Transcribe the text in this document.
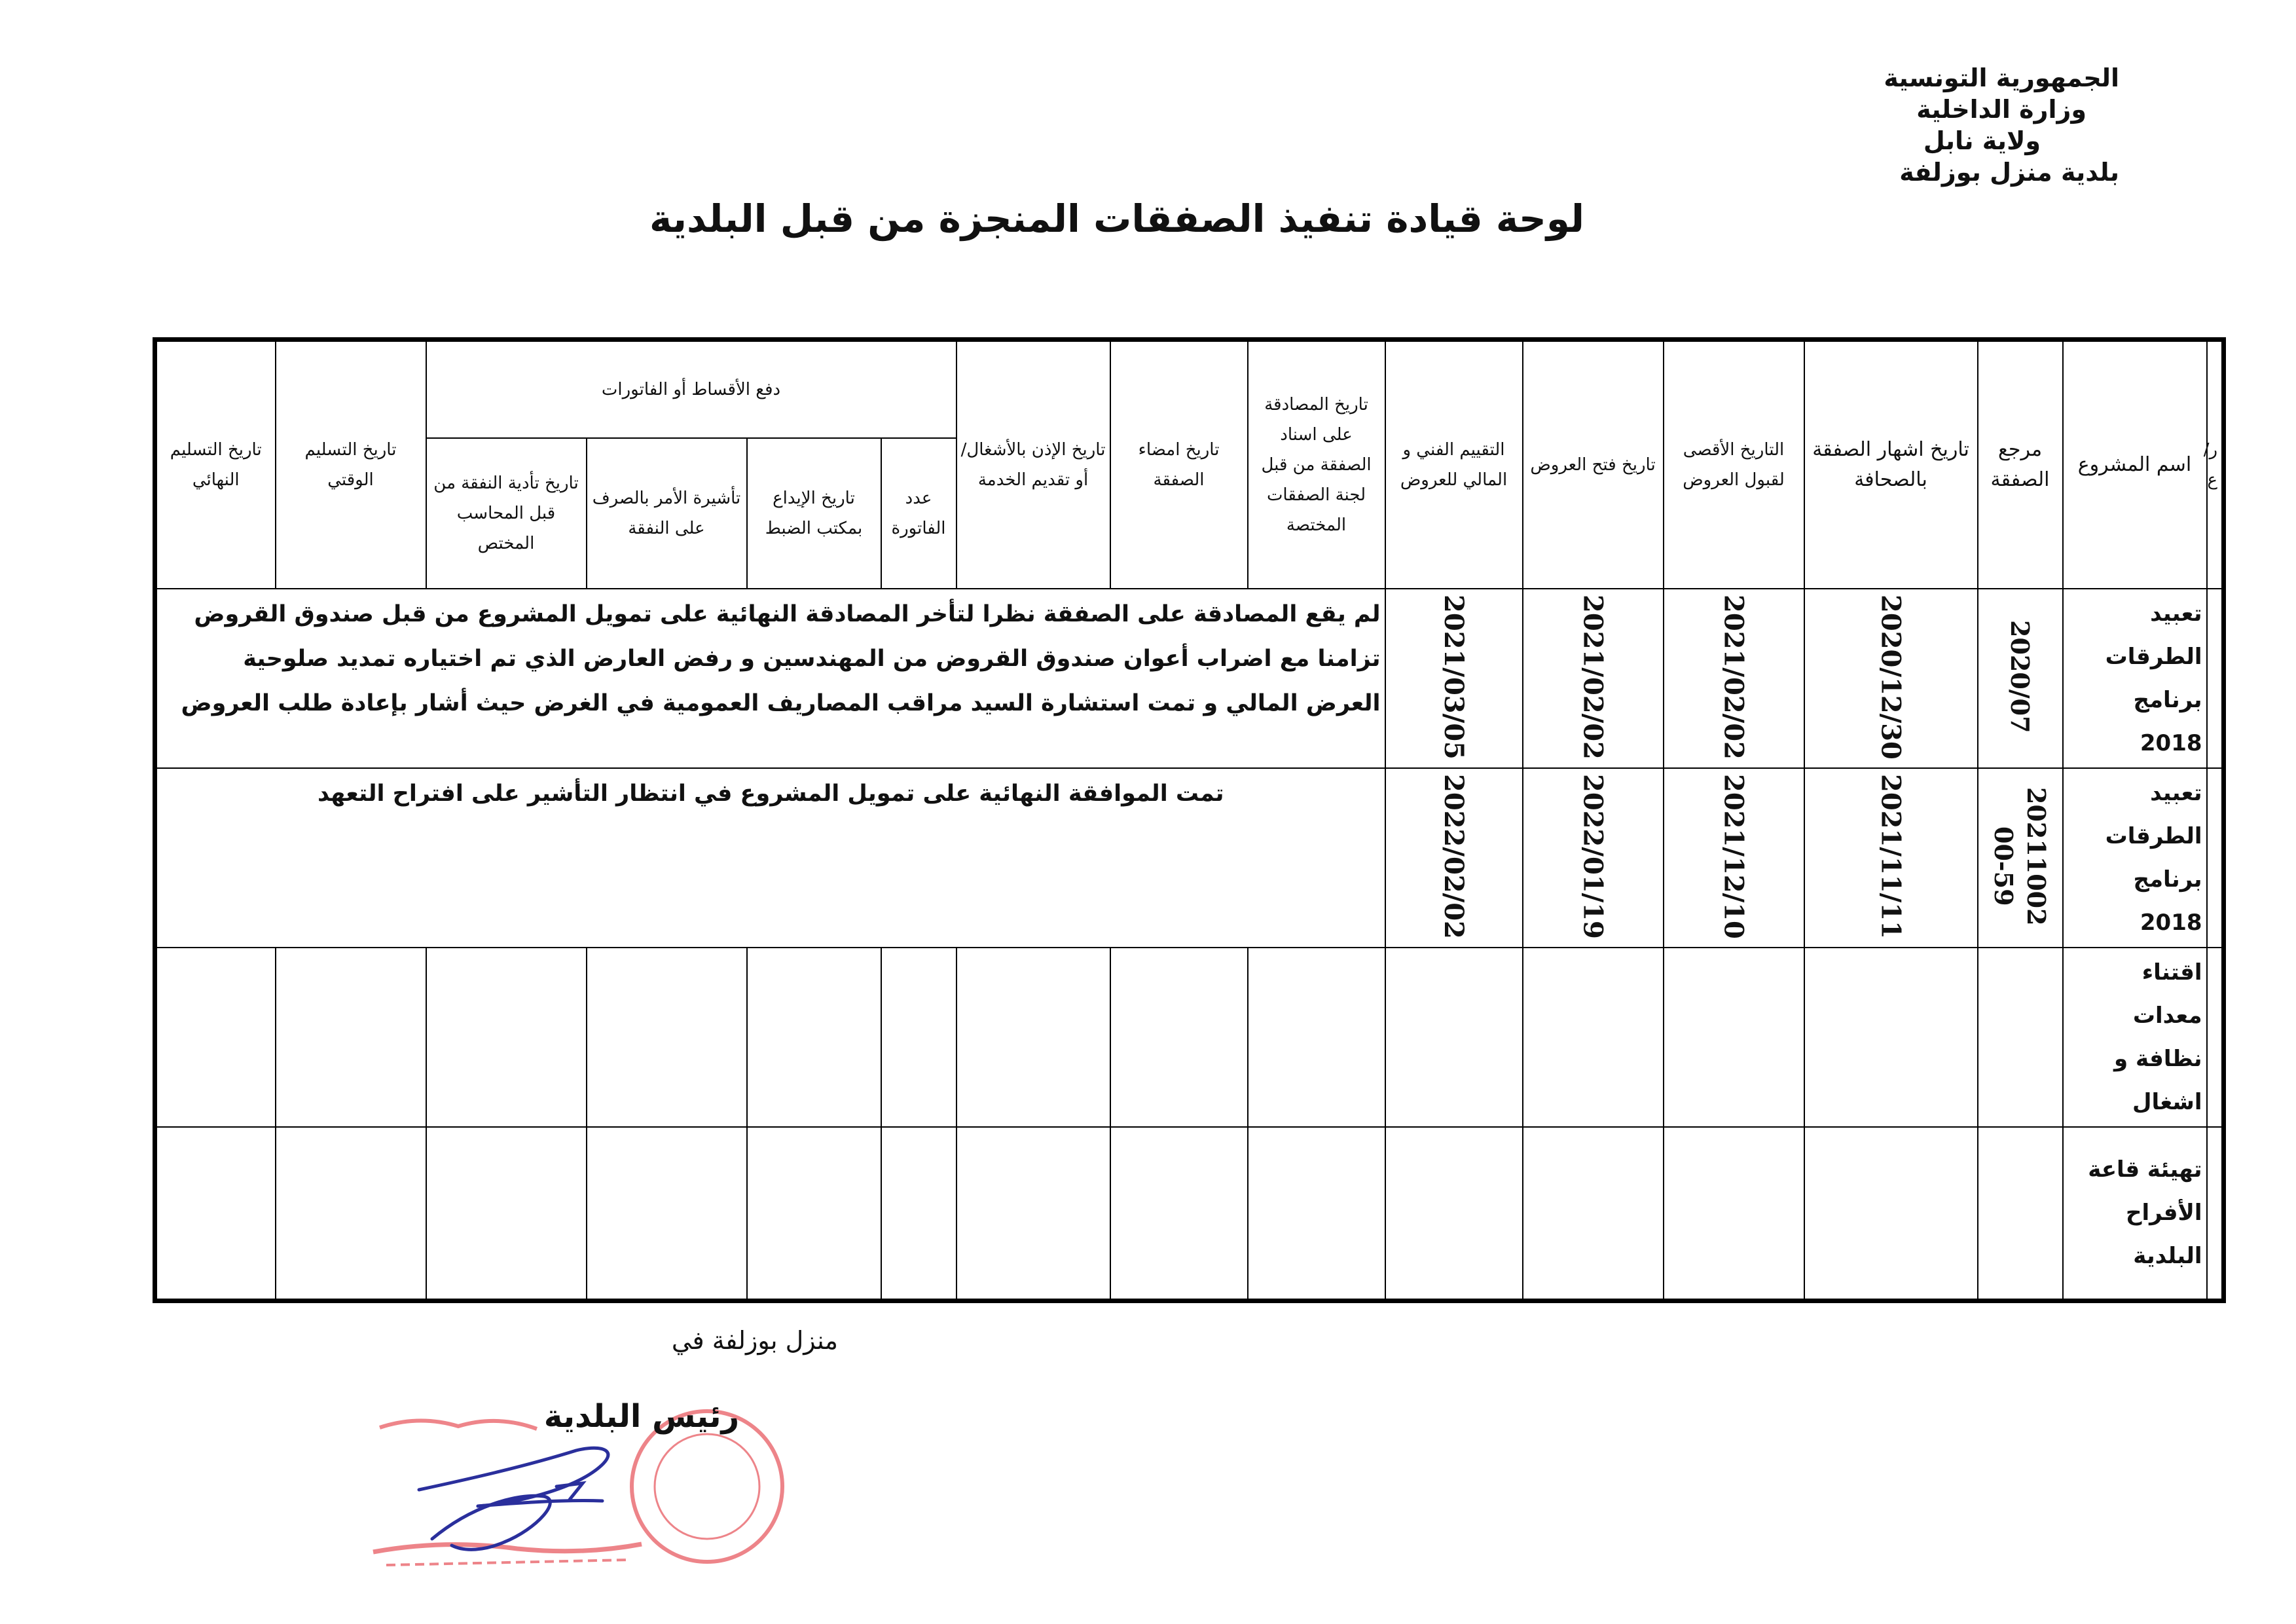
الجمهورية التونسية
وزارة الداخلية
ولاية نابل
بلدية منزل بوزلفة
لوحة قيادة تنفيذ الصفقات المنجزة من قبل البلدية
ر/ع	اسم المشروع	مرجع الصفقة	تاريخ اشهار الصفقة بالصحافة	التاريخ الأقصى لقبول العروض	تاريخ فتح العروض	التقييم الفني و المالي للعروض	تاريخ المصادقة على اسناد الصفقة من قبل لجنة الصفقات المختصة	تاريخ امضاء الصفقة	تاريخ الإذن بالأشغال/ أو تقديم الخدمة	دفع الأقساط أو الفاتورات				تاريخ التسليم الوقتي	تاريخ التسليم النهائي
										عدد الفاتورة	تاريخ الإيداع بمكتب الضبط	تأشيرة الأمر بالصرف على النفقة	تاريخ تأدية النفقة من قبل المحاسب المختص		
	تعبيد الطرقات برنامج 2018	2020/07	2020/12/30	2021/02/02	2021/02/02	2021/03/05	لم يقع المصادقة على الصفقة نظرا لتأخر المصادقة النهائية على تمويل المشروع من قبل صندوق القروض تزامنا مع اضراب أعوان صندوق القروض من المهندسين و رفض العارض الذي تم اختياره تمديد صلوحية العرض المالي و تمت استشارة السيد مراقب المصاريف العمومية في الغرض حيث أشار بإعادة طلب العروض								
	تعبيد الطرقات برنامج 2018	20211002 00-59	2021/11/11	2021/12/10	2022/01/19	2022/02/02	تمت الموافقة النهائية على تمويل المشروع في انتظار التأشير على افتراح التعهد								
	اقتناء معدات نظافة و اشغال														
	تهيئة قاعة الأفراح البلدية														
منزل بوزلفة في
رئيس البلدية
